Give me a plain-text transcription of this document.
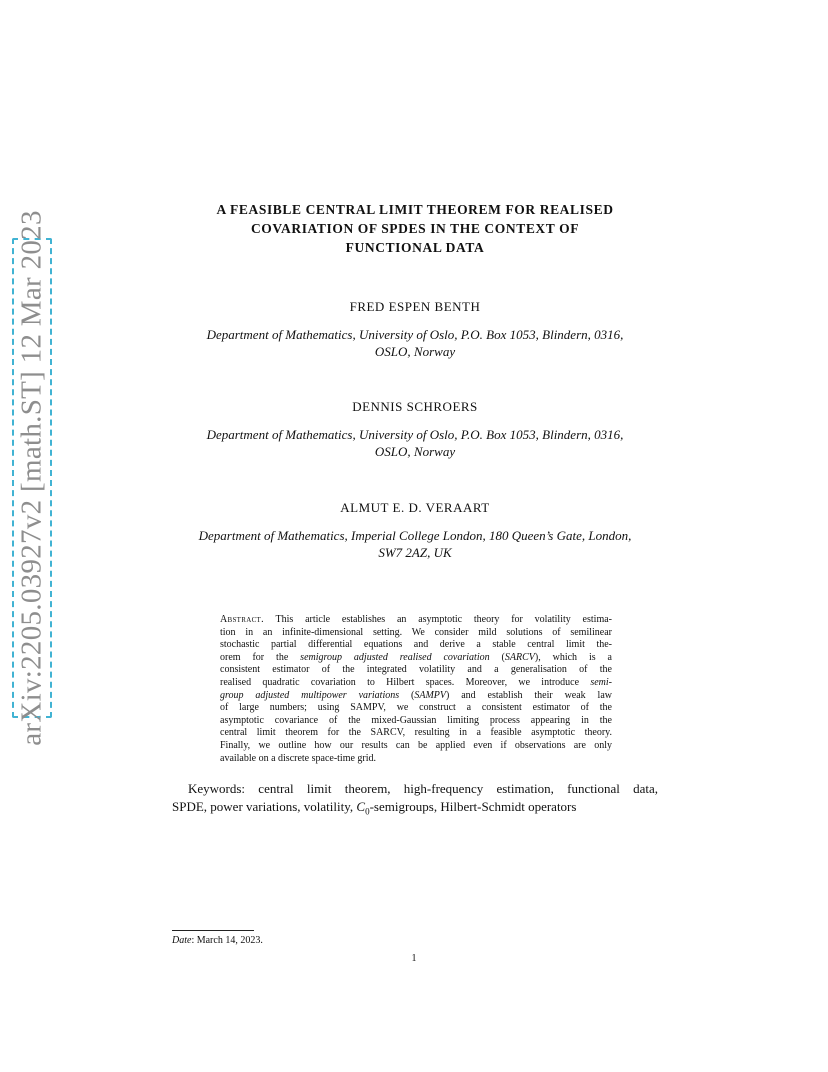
arXiv:2205.03927v2 [math.ST] 12 Mar 2023
A FEASIBLE CENTRAL LIMIT THEOREM FOR REALISED
COVARIATION OF SPDES IN THE CONTEXT OF
FUNCTIONAL DATA
FRED ESPEN BENTH
Department of Mathematics, University of Oslo, P.O. Box 1053, Blindern, 0316,
OSLO, Norway
DENNIS SCHROERS
Department of Mathematics, University of Oslo, P.O. Box 1053, Blindern, 0316,
OSLO, Norway
ALMUT E. D. VERAART
Department of Mathematics, Imperial College London, 180 Queen’s Gate, London,
SW7 2AZ, UK
Abstract. This article establishes an asymptotic theory for volatility estima-
tion in an infinite-dimensional setting. We consider mild solutions of semilinear
stochastic partial differential equations and derive a stable central limit the-
orem for the semigroup adjusted realised covariation (SARCV), which is a
consistent estimator of the integrated volatility and a generalisation of the
realised quadratic covariation to Hilbert spaces. Moreover, we introduce semi-
group adjusted multipower variations (SAMPV) and establish their weak law
of large numbers; using SAMPV, we construct a consistent estimator of the
asymptotic covariance of the mixed-Gaussian limiting process appearing in the
central limit theorem for the SARCV, resulting in a feasible asymptotic theory.
Finally, we outline how our results can be applied even if observations are only
available on a discrete space-time grid.
Keywords: central limit theorem, high-frequency estimation, functional data,
SPDE, power variations, volatility, $C_0$-semigroups, Hilbert-Schmidt operators
Date: March 14, 2023.
1
